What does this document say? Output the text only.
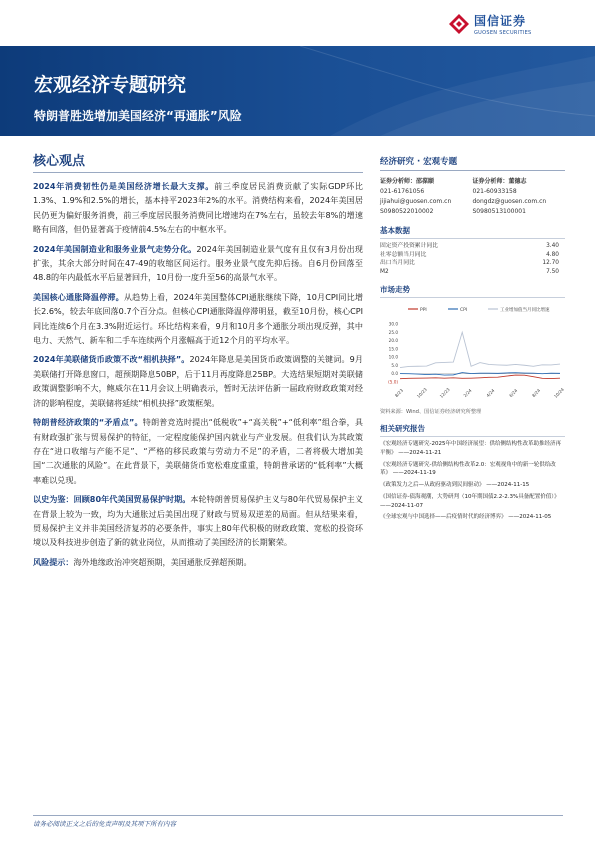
国信证券
GUOSEN SECURITIES
宏观经济专题研究
特朗普胜选增加美国经济“再通胀”风险
核心观点
2024年消费韧性仍是美国经济增长最大支撑。前三季度居民消费贡献了实际GDP环比1.3%、1.9%和2.5%的增长，基本持平2023年2%的水平。消费结构来看，2024年美国居民仍更为偏好服务消费，前三季度居民服务消费同比增速均在7%左右，虽较去年8%的增速略有回落，但仍显著高于疫情前4.5%左右的中枢水平。
2024年美国制造业和服务业景气走势分化。2024年美国制造业景气度有且仅有3月份出现扩张，其余大部分时间在47-49的收缩区间运行。服务业景气度先抑后扬。自6月份回落至48.8的年内最低水平后显著回升，10月份一度升至56的高景气水平。
美国核心通胀降温停滞。从趋势上看，2024年美国整体CPI通胀继续下降，10月CPI同比增长2.6%，较去年底回落0.7个百分点。但核心CPI通胀降温停滞明显，截至10月份，核心CPI同比连续6个月在3.3%附近运行。环比结构来看，9月和10月多个通胀分项出现反弹，其中电力、天然气、新车和二手车连续两个月涨幅高于近12个月的平均水平。
2024年美联储货币政策不改“相机抉择”。2024年降息是美国货币政策调整的关键词。9月美联储打开降息窗口，超预期降息50BP，后于11月再度降息25BP。大选结果短期对美联储政策调整影响不大，鲍威尔在11月会议上明确表示，暂时无法评估新一届政府财政政策对经济的影响程度，美联储将延续“相机抉择”政策框架。
特朗普经济政策的“矛盾点”。特朗普竞选时提出“低税收”+“高关税”+“低利率”组合拳，具有财政强扩张与贸易保护的特征，一定程度能保护国内就业与产业发展。但我们认为其政策存在“进口收缩与产能不足”、“严格的移民政策与劳动力不足”的矛盾，二者将极大增加美国“二次通胀的风险”。在此背景下，美联储货币宽松难度重重，特朗普承诺的“低利率”大概率难以兑现。
以史为鉴：回顾80年代美国贸易保护时期。本轮特朗普贸易保护主义与80年代贸易保护主义在背景上较为一致，均为大通胀过后美国出现了财政与贸易双逆差的局面。但从结果来看，贸易保护主义并非美国经济复苏的必要条件，事实上80年代积极的财政政策、宽松的投资环境以及科技进步创造了新的就业岗位，从而推动了美国经济的长期繁荣。
风险提示：海外地缘政治冲突超预期，美国通胀反弹超预期。
经济研究 · 宏观专题
证券分析师：邵葆颐
021-61761056
jijiahui@guosen.com.cn
S0980522010002
证券分析师：董德志
021-60933158
dongdz@guosen.com.cn
S0980513100001
基本数据
固定资产投资累计同比	3.40
社零总额当月同比	4.80
出口当月同比	12.70
M2	7.50
市场走势
PPI	CPI	工业增加值当月同比增速
30.0
25.0
20.0
15.0
10.0
5.0
0.0
(5.0)
8/23	10/23	12/23	2/24	4/24	6/24	8/24	10/24
资料来源：Wind、国信证券经济研究所整理
相关研究报告
《宏观经济专题研究-2025年中国经济展望：供给侧结构性改革助推经济再平衡》 ——2024-11-21
《宏观经济专题研究-供给侧结构性改革2.0：宏观视角中的新一轮供给改革》 ——2024-11-19
《政策发力之后—从政府驱动到民间驱动》 ——2024-11-15
《国信证券-债海观潮，大势研判（10年期国债2.2-2.3%具备配置价值）》 ——2024-11-07
《全球宏观与中国选择——后疫情时代的经济博弈》 ——2024-11-05
请务必阅读正文之后的免责声明及其项下所有内容
